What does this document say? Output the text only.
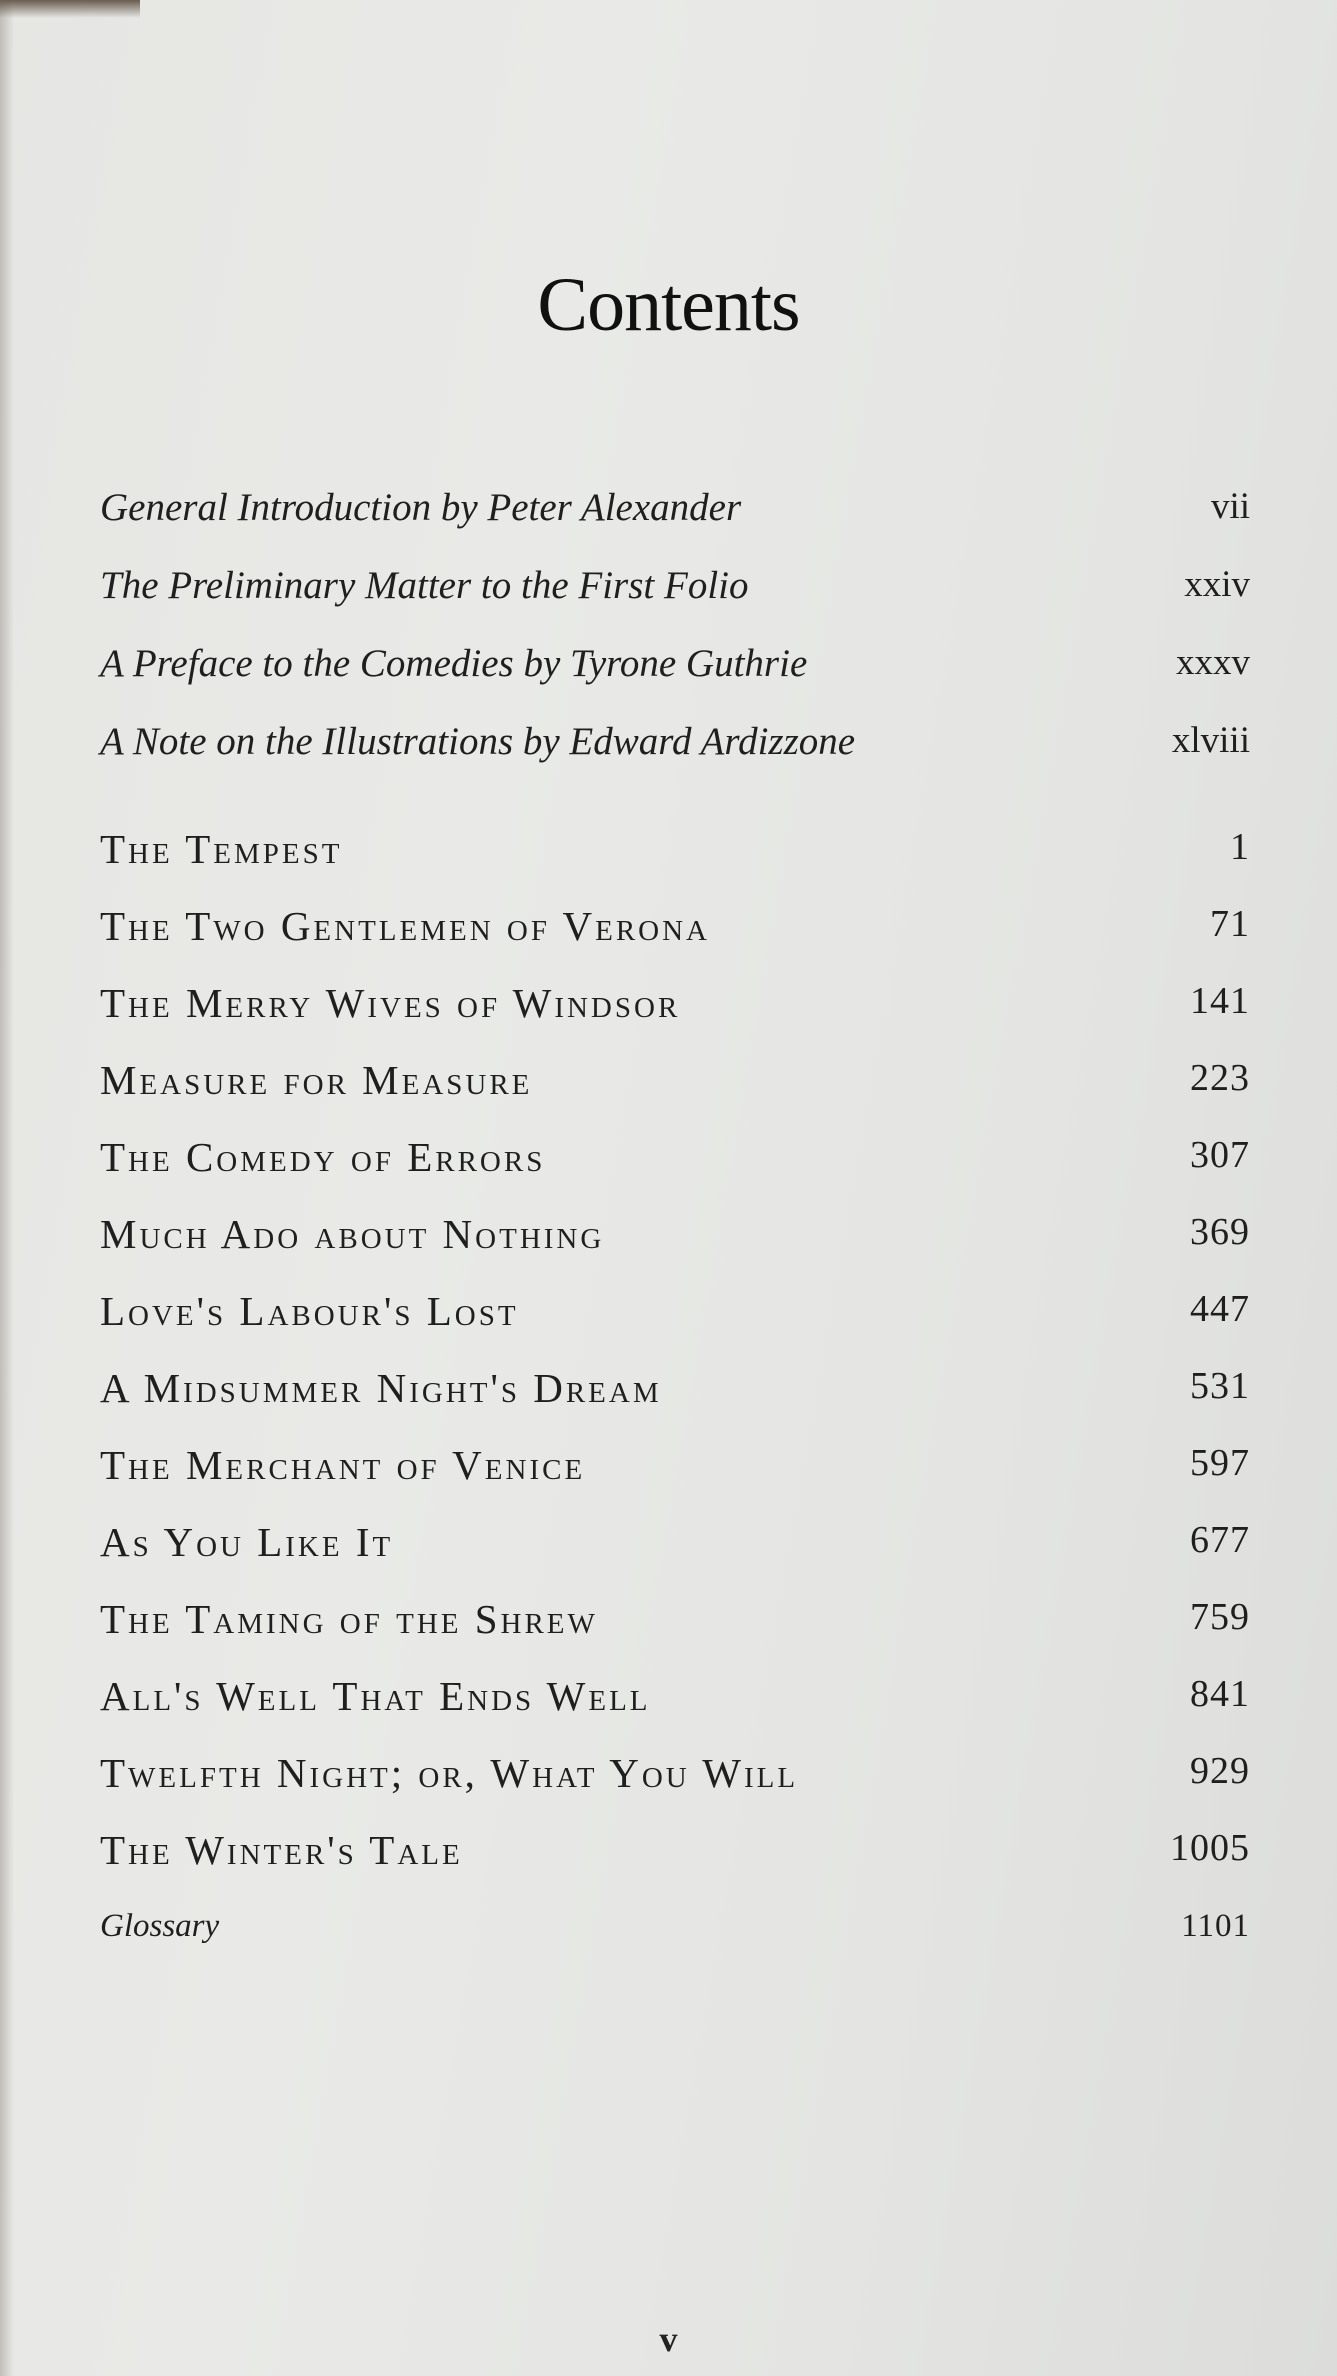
Contents
General Introduction by Peter Alexander	vii
The Preliminary Matter to the First Folio	xxiv
A Preface to the Comedies by Tyrone Guthrie	xxxv
A Note on the Illustrations by Edward Ardizzone	xlviii
The Tempest	1
The Two Gentlemen of Verona	71
The Merry Wives of Windsor	141
Measure for Measure	223
The Comedy of Errors	307
Much Ado about Nothing	369
Love's Labour's Lost	447
A Midsummer Night's Dream	531
The Merchant of Venice	597
As You Like It	677
The Taming of the Shrew	759
All's Well That Ends Well	841
Twelfth Night; or, What You Will	929
The Winter's Tale	1005
Glossary	1101
v
